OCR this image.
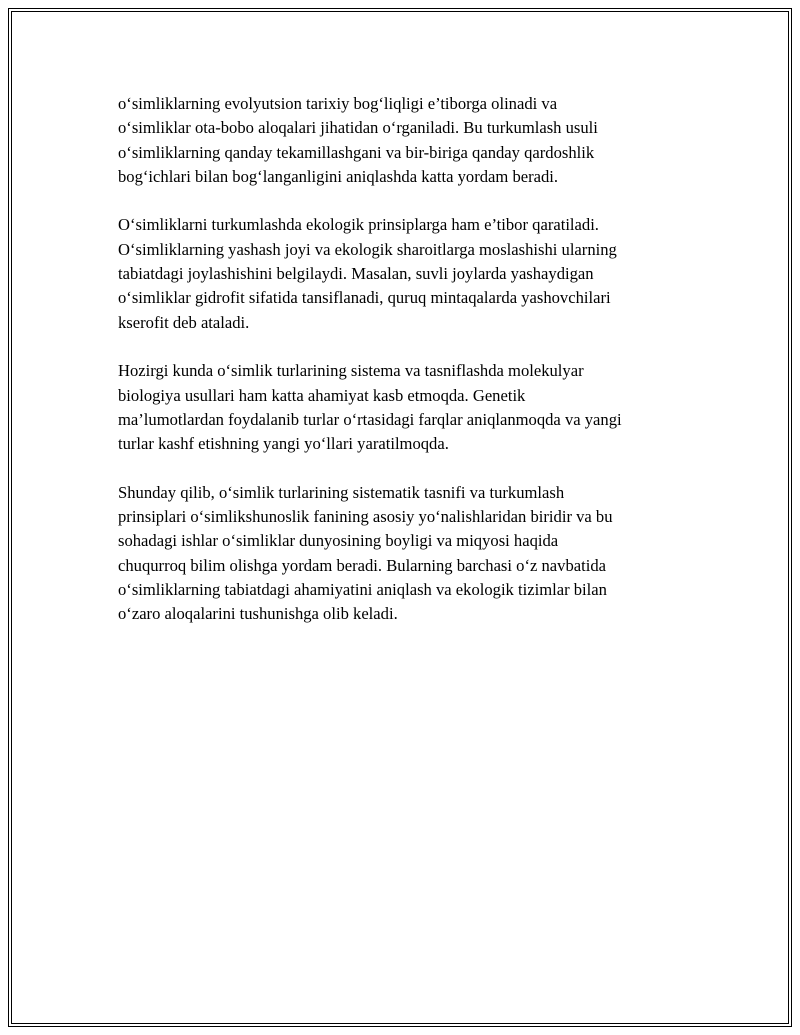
o‘simliklarning evolyutsion tarixiy bog‘liqligi e’tiborga olinadi va
o‘simliklar ota-bobo aloqalari jihatidan o‘rganiladi. Bu turkumlash usuli
o‘simliklarning qanday tekamillashgani va bir-biriga qanday qardoshlik
bog‘ichlari bilan bog‘langanligini aniqlashda katta yordam beradi.

O‘simliklarni turkumlashda ekologik prinsiplarga ham e’tibor qaratiladi.
O‘simliklarning yashash joyi va ekologik sharoitlarga moslashishi ularning
tabiatdagi joylashishini belgilaydi. Masalan, suvli joylarda yashaydigan
o‘simliklar gidrofit sifatida tansiflanadi, quruq mintaqalarda yashovchilari
kserofit deb ataladi.

Hozirgi kunda o‘simlik turlarining sistema va tasniflashda molekulyar
biologiya usullari ham katta ahamiyat kasb etmoqda. Genetik
ma’lumotlardan foydalanib turlar o‘rtasidagi farqlar aniqlanmoqda va yangi
turlar kashf etishning yangi yo‘llari yaratilmoqda.

Shunday qilib, o‘simlik turlarining sistematik tasnifi va turkumlash
prinsiplari o‘simlikshunoslik fanining asosiy yo‘nalishlaridan biridir va bu
sohadagi ishlar o‘simliklar dunyosining boyligi va miqyosi haqida
chuqurroq bilim olishga yordam beradi. Bularning barchasi o‘z navbatida
o‘simliklarning tabiatdagi ahamiyatini aniqlash va ekologik tizimlar bilan
o‘zaro aloqalarini tushunishga olib keladi.
